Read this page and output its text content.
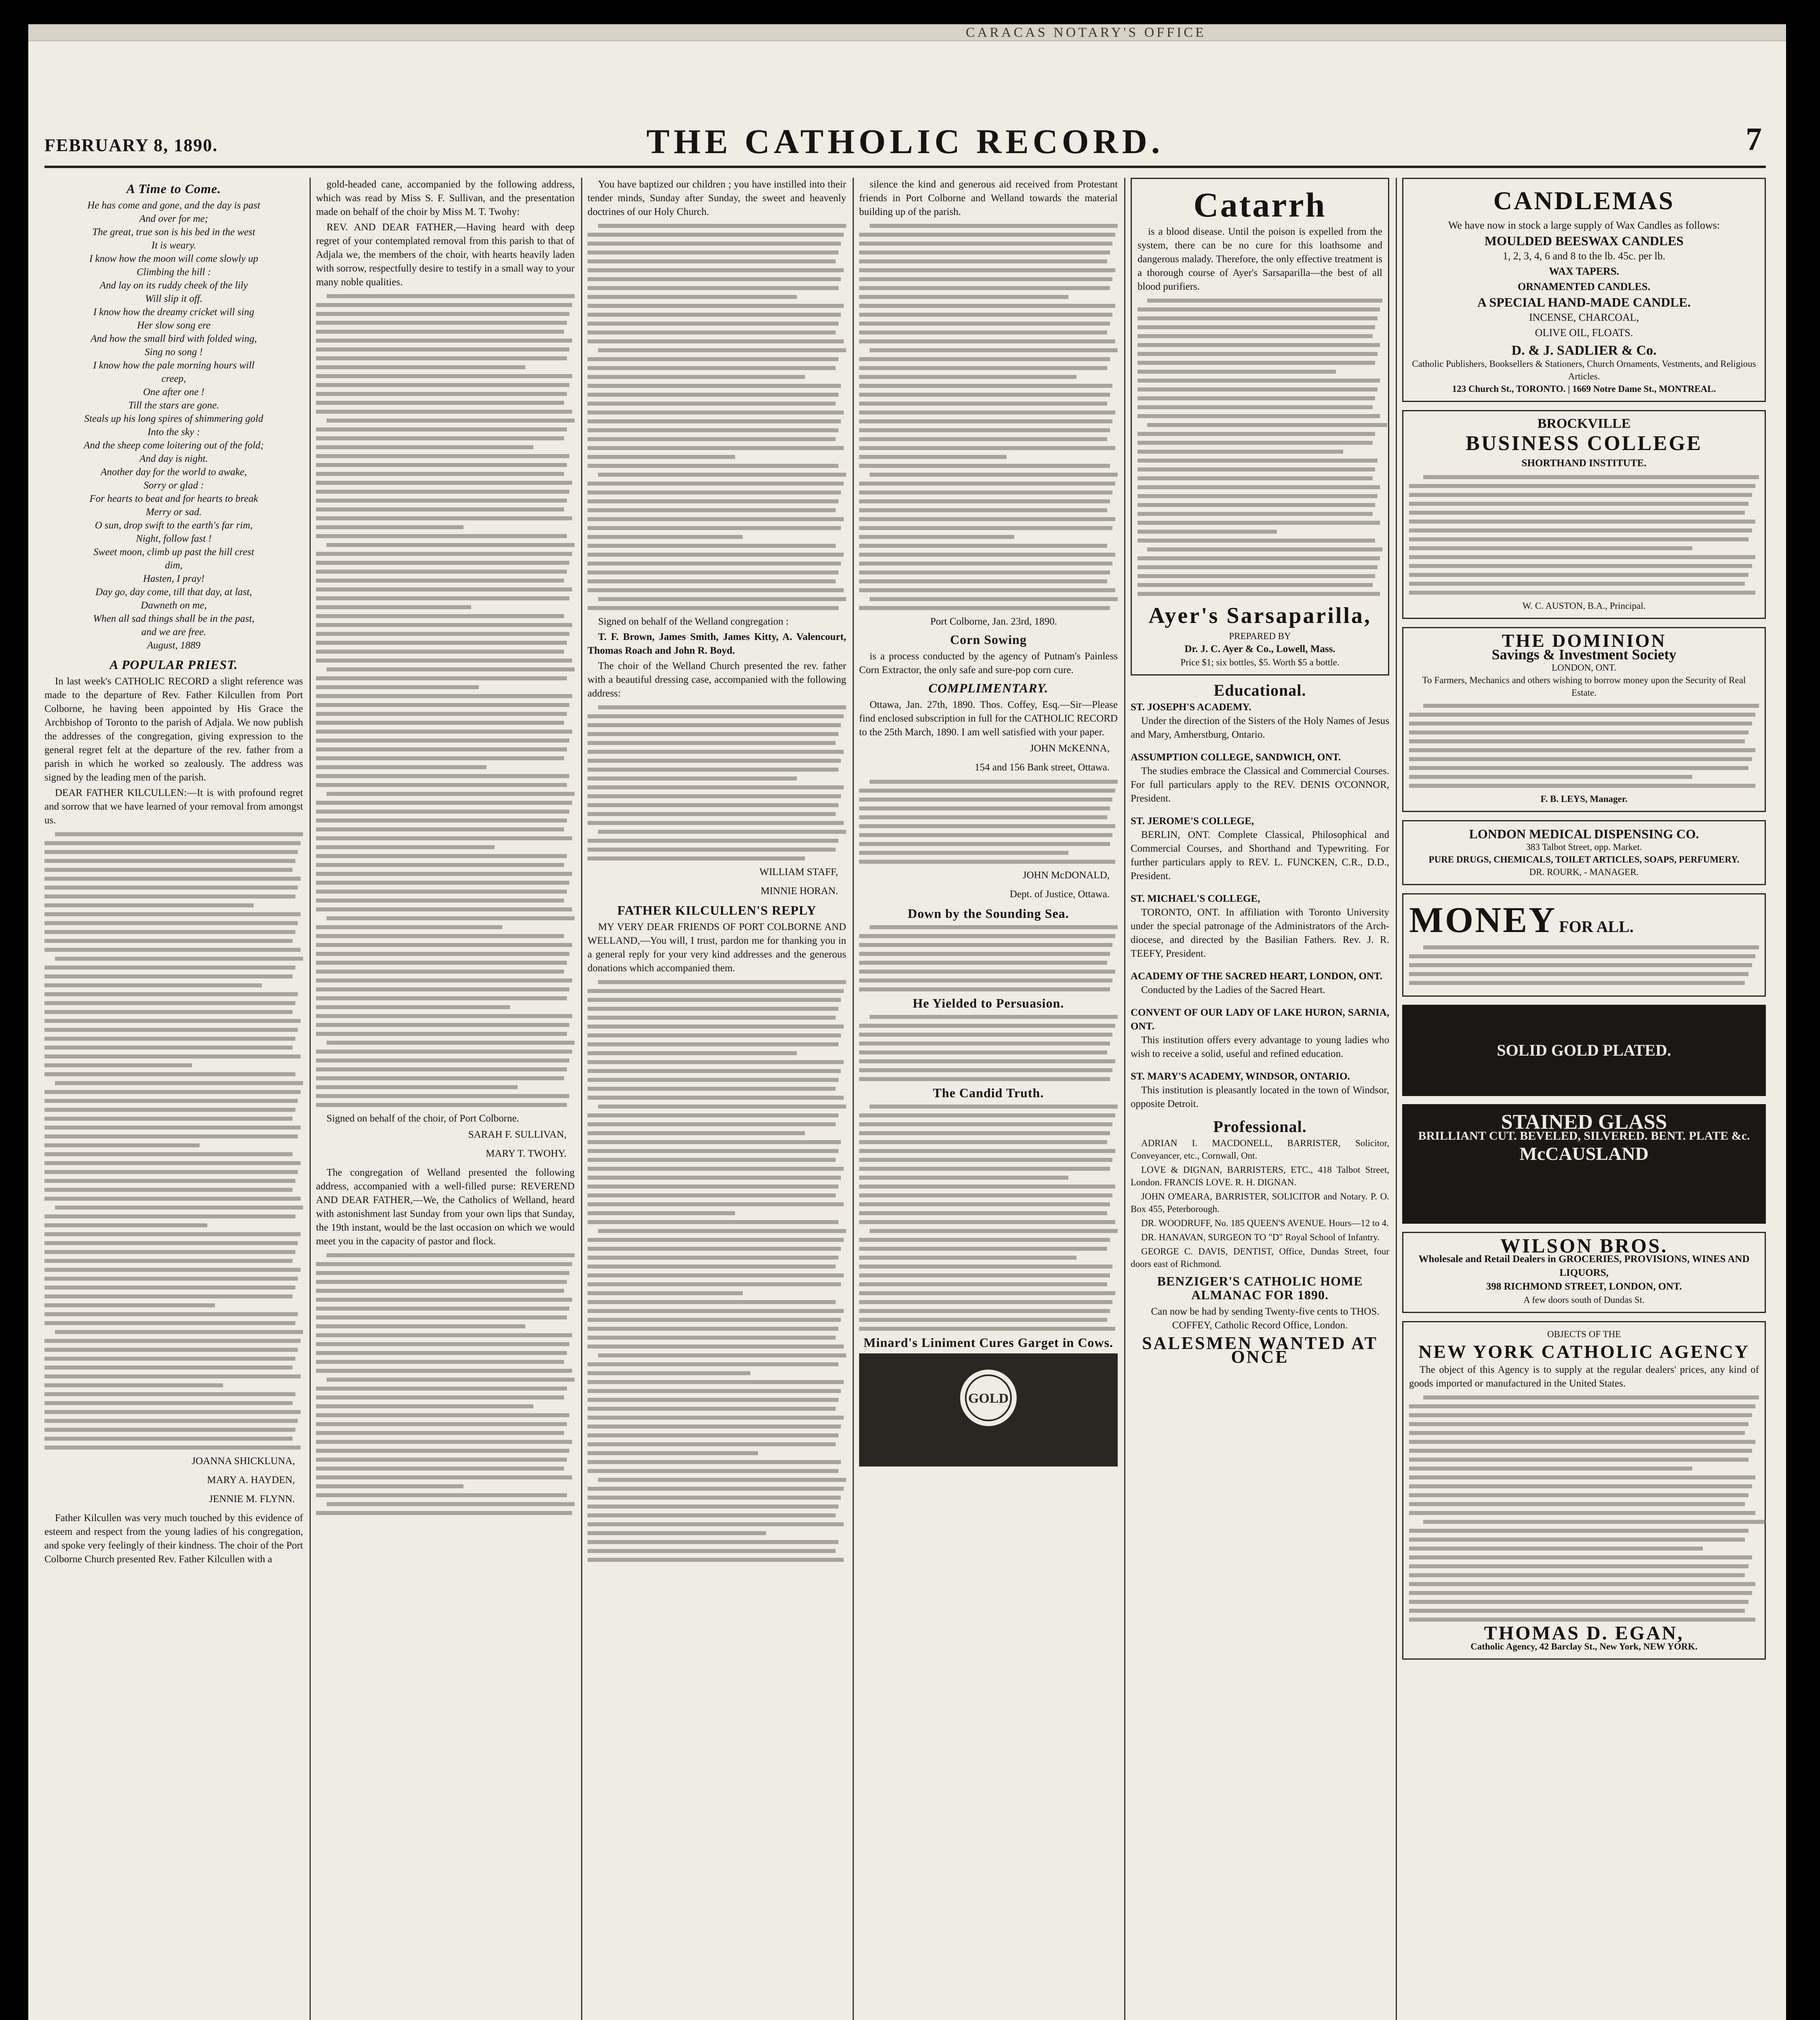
CARACAS NOTARY'S OFFICE
FEBRUARY 8, 1890.	THE CATHOLIC RECORD.	7
A Time to Come.
He has come and gone, and the day is past
And over for me;
The great, true son is his bed in the west
It is weary.
I know how the moon will come slowly up
Climbing the hill :
And lay on its ruddy cheek of the lily
Will slip it off.
I know how the dreamy cricket will sing
Her slow song ere
And how the small bird with folded wing,
Sing no song !
I know how the pale morning hours will
creep,
One after one !
Till the stars are gone.
Steals up his long spires of shimmering gold
Into the sky :
And the sheep come loitering out of the fold;
And day is night.
Another day for the world to awake,
Sorry or glad :
For hearts to beat and for hearts to break
Merry or sad.
O sun, drop swift to the earth's far rim,
Night, follow fast !
Sweet moon, climb up past the hill crest
dim,
Hasten, I pray!
Day go, day come, till that day, at last,
Dawneth on me,
When all sad things shall be in the past,
and we are free.
August, 1889
A POPULAR PRIEST.

In last week's CATHOLIC RECORD a slight reference was made to the departure of Rev. Father Kilcullen from Port Colborne, he having been appointed by His Grace the Archbishop of Toronto to the parish of Adjala. We now publish the addresses of the congregation, giving expression to the general regret felt at the departure of the rev. father from a parish in which he worked so zealously. The address was signed by the leading men of the parish.

DEAR FATHER KILCULLEN:—It is with profound regret and sorrow that we have learned of your removal from amongst us.

JOANNA SHICKLUNA,
MARY A. HAYDEN,
JENNIE M. FLYNN.

Father Kilcullen was very much touched by this evidence of esteem and respect from the young ladies of his congregation, and spoke very feelingly of their kindness. The choir of the Port Colborne Church presented Rev. Father Kilcullen with a

gold-headed cane, accompanied by the following address, which was read by Miss S. F. Sullivan, and the presentation made on behalf of the choir by Miss M. T. Twohy:

REV. AND DEAR FATHER,—Having heard with deep regret of your contemplated removal from this parish to that of Adjala we, the members of the choir, with hearts heavily laden with sorrow, respectfully desire to testify in a small way to your many noble qualities.

Signed on behalf of the choir, of Port Colborne.

SARAH F. SULLIVAN,
MARY T. TWOHY.

The congregation of Welland presented the following address, accompanied with a well-filled purse: REVEREND AND DEAR FATHER,—We, the Catholics of Welland, heard with astonishment last Sunday from your own lips that Sunday, the 19th instant, would be the last occasion on which we would meet you in the capacity of pastor and flock.

You have baptized our children ; you have instilled into their tender minds, Sunday after Sunday, the sweet and heavenly doctrines of our Holy Church.

Signed on behalf of the Welland congregation :

T. F. Brown, James Smith, James Kitty, A. Valencourt, Thomas Roach and John R. Boyd.

The choir of the Welland Church presented the rev. father with a beautiful dressing case, accompanied with the following address:

WILLIAM STAFF,
MINNIE HORAN.
FATHER KILCULLEN'S REPLY

MY VERY DEAR FRIENDS OF PORT COLBORNE AND WELLAND,—You will, I trust, pardon me for thanking you in a general reply for your very kind addresses and the generous donations which accompanied them.

silence the kind and generous aid received from Protestant friends in Port Colborne and Welland towards the material building up of the parish.

Port Colborne, Jan. 23rd, 1890.

Corn Sowing

is a process conducted by the agency of Putnam's Painless Corn Extractor, the only safe and sure-pop corn cure.

COMPLIMENTARY.

Ottawa, Jan. 27th, 1890. Thos. Coffey, Esq.—Sir—Please find enclosed subscription in full for the CATHOLIC RECORD to the 25th March, 1890. I am well satisfied with your paper.

JOHN McKENNA,
154 and 156 Bank street, Ottawa.
JOHN McDONALD,
Dept. of Justice, Ottawa.
Down by the Sounding Sea.
He Yielded to Persuasion.
The Candid Truth.
Minard's Liniment Cures Garget in Cows.
GOLD
Catarrh

is a blood disease. Until the poison is expelled from the system, there can be no cure for this loathsome and dangerous malady. Therefore, the only effective treatment is a thorough course of Ayer's Sarsaparilla—the best of all blood purifiers.

Ayer's Sarsaparilla,
PREPARED BY
Dr. J. C. Ayer & Co., Lowell, Mass.
Price $1; six bottles, $5. Worth $5 a bottle.
Educational.
ST. JOSEPH'S ACADEMY.

Under the direction of the Sisters of the Holy Names of Jesus and Mary, Amherstburg, Ontario.

ASSUMPTION COLLEGE, SANDWICH, ONT.

The studies embrace the Classical and Commercial Courses. For full particulars apply to the REV. DENIS O'CONNOR, President.

ST. JEROME'S COLLEGE,

BERLIN, ONT. Complete Classical, Philosophical and Commercial Courses, and Shorthand and Typewriting. For further particulars apply to REV. L. FUNCKEN, C.R., D.D., President.

ST. MICHAEL'S COLLEGE,

TORONTO, ONT. In affiliation with Toronto University under the special patronage of the Administrators of the Arch-diocese, and directed by the Basilian Fathers. Rev. J. R. TEEFY, President.

ACADEMY OF THE SACRED HEART, LONDON, ONT.

Conducted by the Ladies of the Sacred Heart.

CONVENT OF OUR LADY OF LAKE HURON, SARNIA, ONT.

This institution offers every advantage to young ladies who wish to receive a solid, useful and refined education.

ST. MARY'S ACADEMY, WINDSOR, ONTARIO.

This institution is pleasantly located in the town of Windsor, opposite Detroit.

Professional.

ADRIAN I. MACDONELL, BARRISTER, Solicitor, Conveyancer, etc., Cornwall, Ont.

LOVE & DIGNAN, BARRISTERS, ETC., 418 Talbot Street, London. FRANCIS LOVE. R. H. DIGNAN.

JOHN O'MEARA, BARRISTER, SOLICITOR and Notary. P. O. Box 455, Peterborough.

DR. WOODRUFF, No. 185 QUEEN'S AVENUE. Hours—12 to 4.

DR. HANAVAN, SURGEON TO "D" Royal School of Infantry.

GEORGE C. DAVIS, DENTIST, Office, Dundas Street, four doors east of Richmond.

BENZIGER'S CATHOLIC HOME ALMANAC FOR 1890.

Can now be had by sending Twenty-five cents to THOS. COFFEY, Catholic Record Office, London.

SALESMEN WANTED AT ONCE
CANDLEMAS
We have now in stock a large supply of Wax Candles as follows:
MOULDED BEESWAX CANDLES
1, 2, 3, 4, 6 and 8 to the lb. 45c. per lb.
WAX TAPERS.
ORNAMENTED CANDLES.
A SPECIAL HAND-MADE CANDLE.
INCENSE, CHARCOAL,
OLIVE OIL, FLOATS.
D. & J. SADLIER & Co.
Catholic Publishers, Booksellers & Stationers, Church Ornaments, Vestments, and Religious Articles.
123 Church St., TORONTO. | 1669 Notre Dame St., MONTREAL.
BROCKVILLE
BUSINESS COLLEGE
SHORTHAND INSTITUTE.
W. C. AUSTON, B.A., Principal.
THE DOMINION
Savings & Investment Society
LONDON, ONT.
To Farmers, Mechanics and others wishing to borrow money upon the Security of Real Estate.
F. B. LEYS, Manager.
LONDON MEDICAL DISPENSING CO.
383 Talbot Street, opp. Market.
PURE DRUGS, CHEMICALS, TOILET ARTICLES, SOAPS, PERFUMERY.
DR. ROURK, - MANAGER.
MONEY FOR ALL.
SOLID GOLD PLATED.
STAINED GLASS
BRILLIANT CUT. BEVELED, SILVERED. BENT. PLATE &c.
McCAUSLAND
WILSON BROS.
Wholesale and Retail Dealers in GROCERIES, PROVISIONS, WINES AND LIQUORS,
398 RICHMOND STREET, LONDON, ONT.
A few doors south of Dundas St.
OBJECTS OF THE
NEW YORK CATHOLIC AGENCY

The object of this Agency is to supply at the regular dealers' prices, any kind of goods imported or manufactured in the United States.

THOMAS D. EGAN,
Catholic Agency, 42 Barclay St., New York, NEW YORK.
